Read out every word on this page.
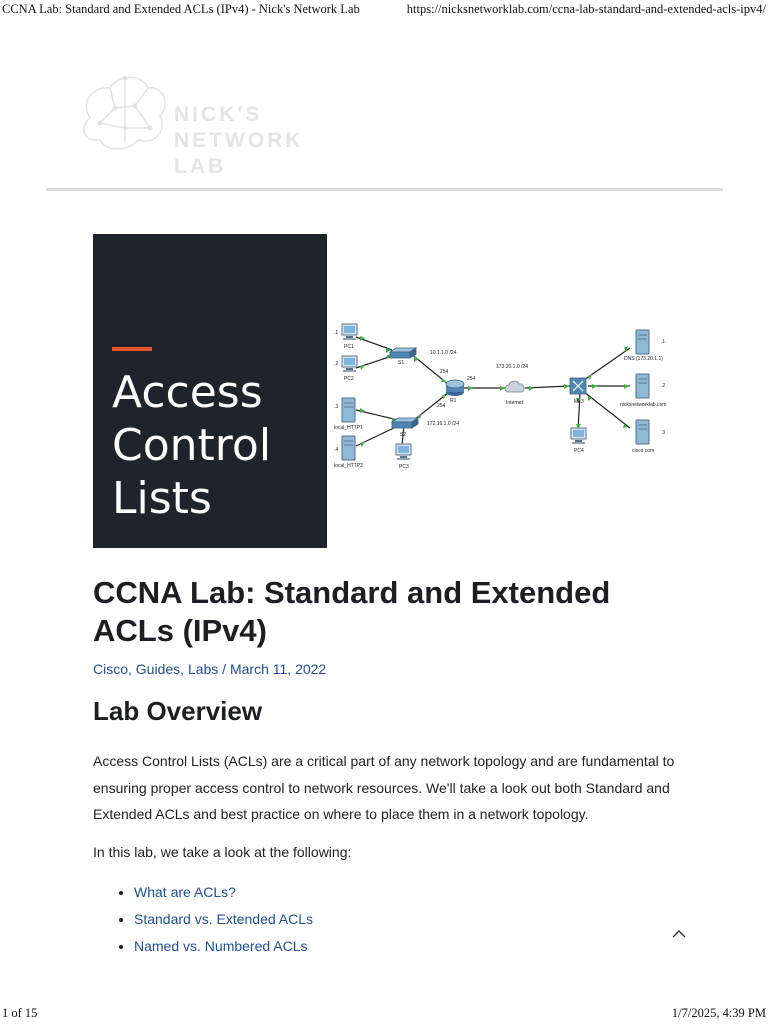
CCNA Lab: Standard and Extended ACLs (IPv4) - Nick's Network Lab	https://nicksnetworklab.com/ccna-lab-standard-and-extended-acls-ipv4/
NICK'S
NETWORK LAB
Access
Control
Lists
.1
PC1
.2
PC2
.3
local_HTTP1
.4
local_HTTP2
S1
S2
PC3
10.1.1.0 /24
254
254
254
R1
172.16.1.0 /24
173.20.1.0 /24
Internet	ML3
PC4
.1
DNS (173.20.1.1)
.2
nicksnetworklab.com
.3
cisco.com
CCNA Lab: Standard and Extended ACLs (IPv4)
Cisco, Guides, Labs / March 11, 2022
Lab Overview

Access Control Lists (ACLs) are a critical part of any network topology and are fundamental to ensuring proper access control to network resources. We'll take a look out both Standard and Extended ACLs and best practice on where to place them in a network topology.

In this lab, we take a look at the following:

• What are ACLs?
• Standard vs. Extended ACLs
• Named vs. Numbered ACLs
1 of 15	1/7/2025, 4:39 PM
